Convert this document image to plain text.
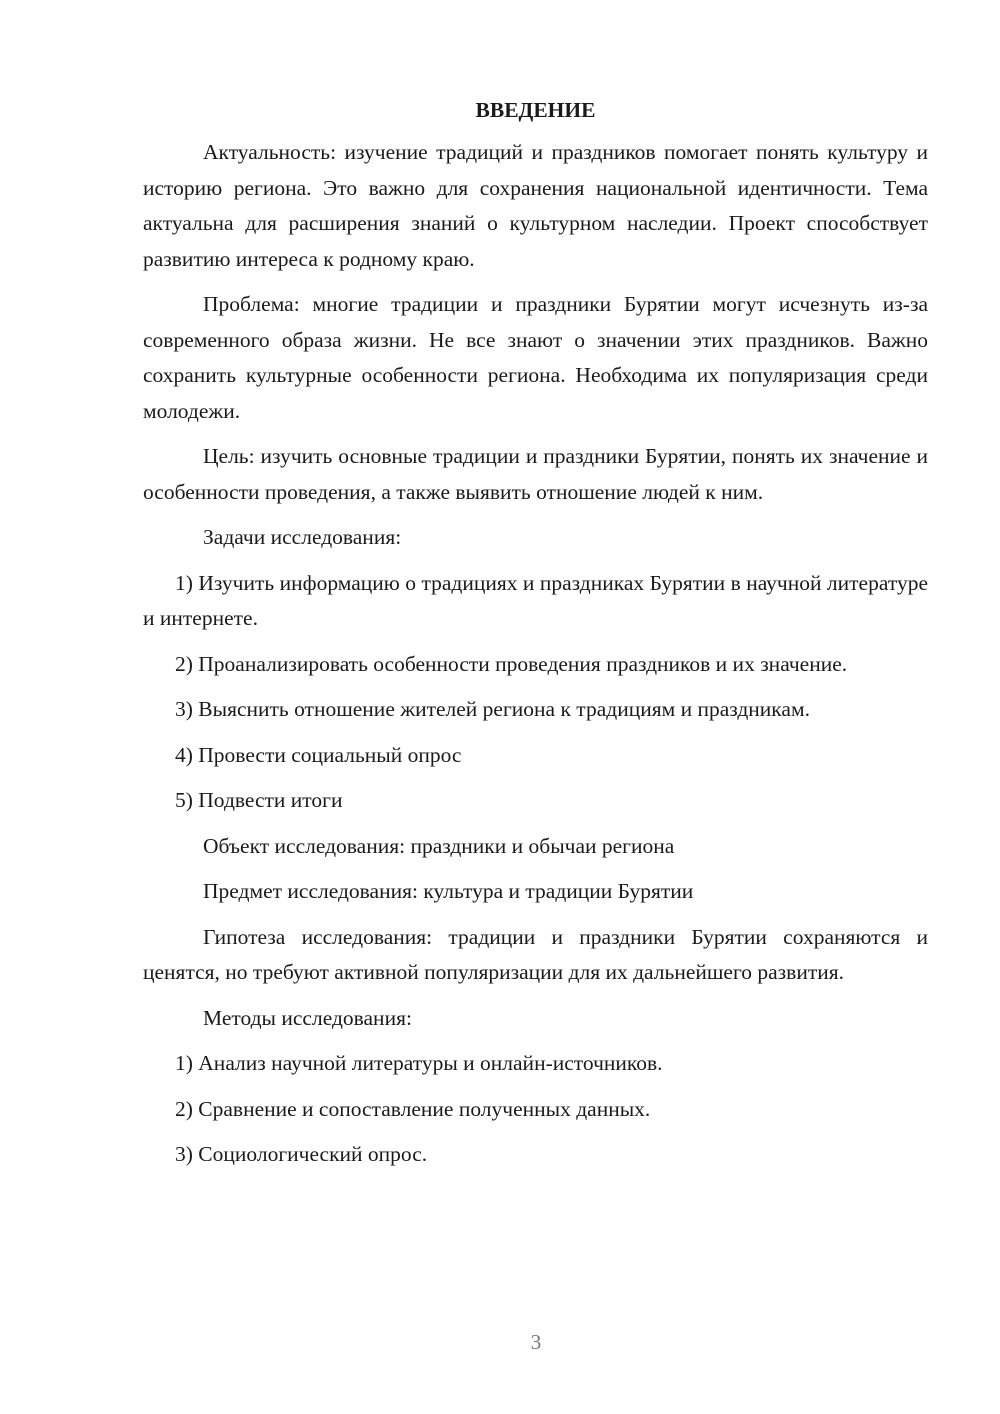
ВВЕДЕНИЕ

Актуальность: изучение традиций и праздников помогает понять культуру и историю региона. Это важно для сохранения национальной идентичности. Тема актуальна для расширения знаний о культурном наследии. Проект способствует развитию интереса к родному краю.

Проблема: многие традиции и праздники Бурятии могут исчезнуть из-за современного образа жизни. Не все знают о значении этих праздников. Важно сохранить культурные особенности региона. Необходима их популяризация среди молодежи.

Цель: изучить основные традиции и праздники Бурятии, понять их значение и особенности проведения, а также выявить отношение людей к ним.

Задачи исследования:

1) Изучить информацию о традициях и праздниках Бурятии в научной литературе и интернете.

2) Проанализировать особенности проведения праздников и их значение.

3) Выяснить отношение жителей региона к традициям и праздникам.

4) Провести социальный опрос

5) Подвести итоги

Объект исследования: праздники и обычаи региона

Предмет исследования: культура и традиции Бурятии

Гипотеза исследования: традиции и праздники Бурятии сохраняются и ценятся, но требуют активной популяризации для их дальнейшего развития.

Методы исследования:

1) Анализ научной литературы и онлайн-источников.

2) Сравнение и сопоставление полученных данных.

3) Социологический опрос.

3
